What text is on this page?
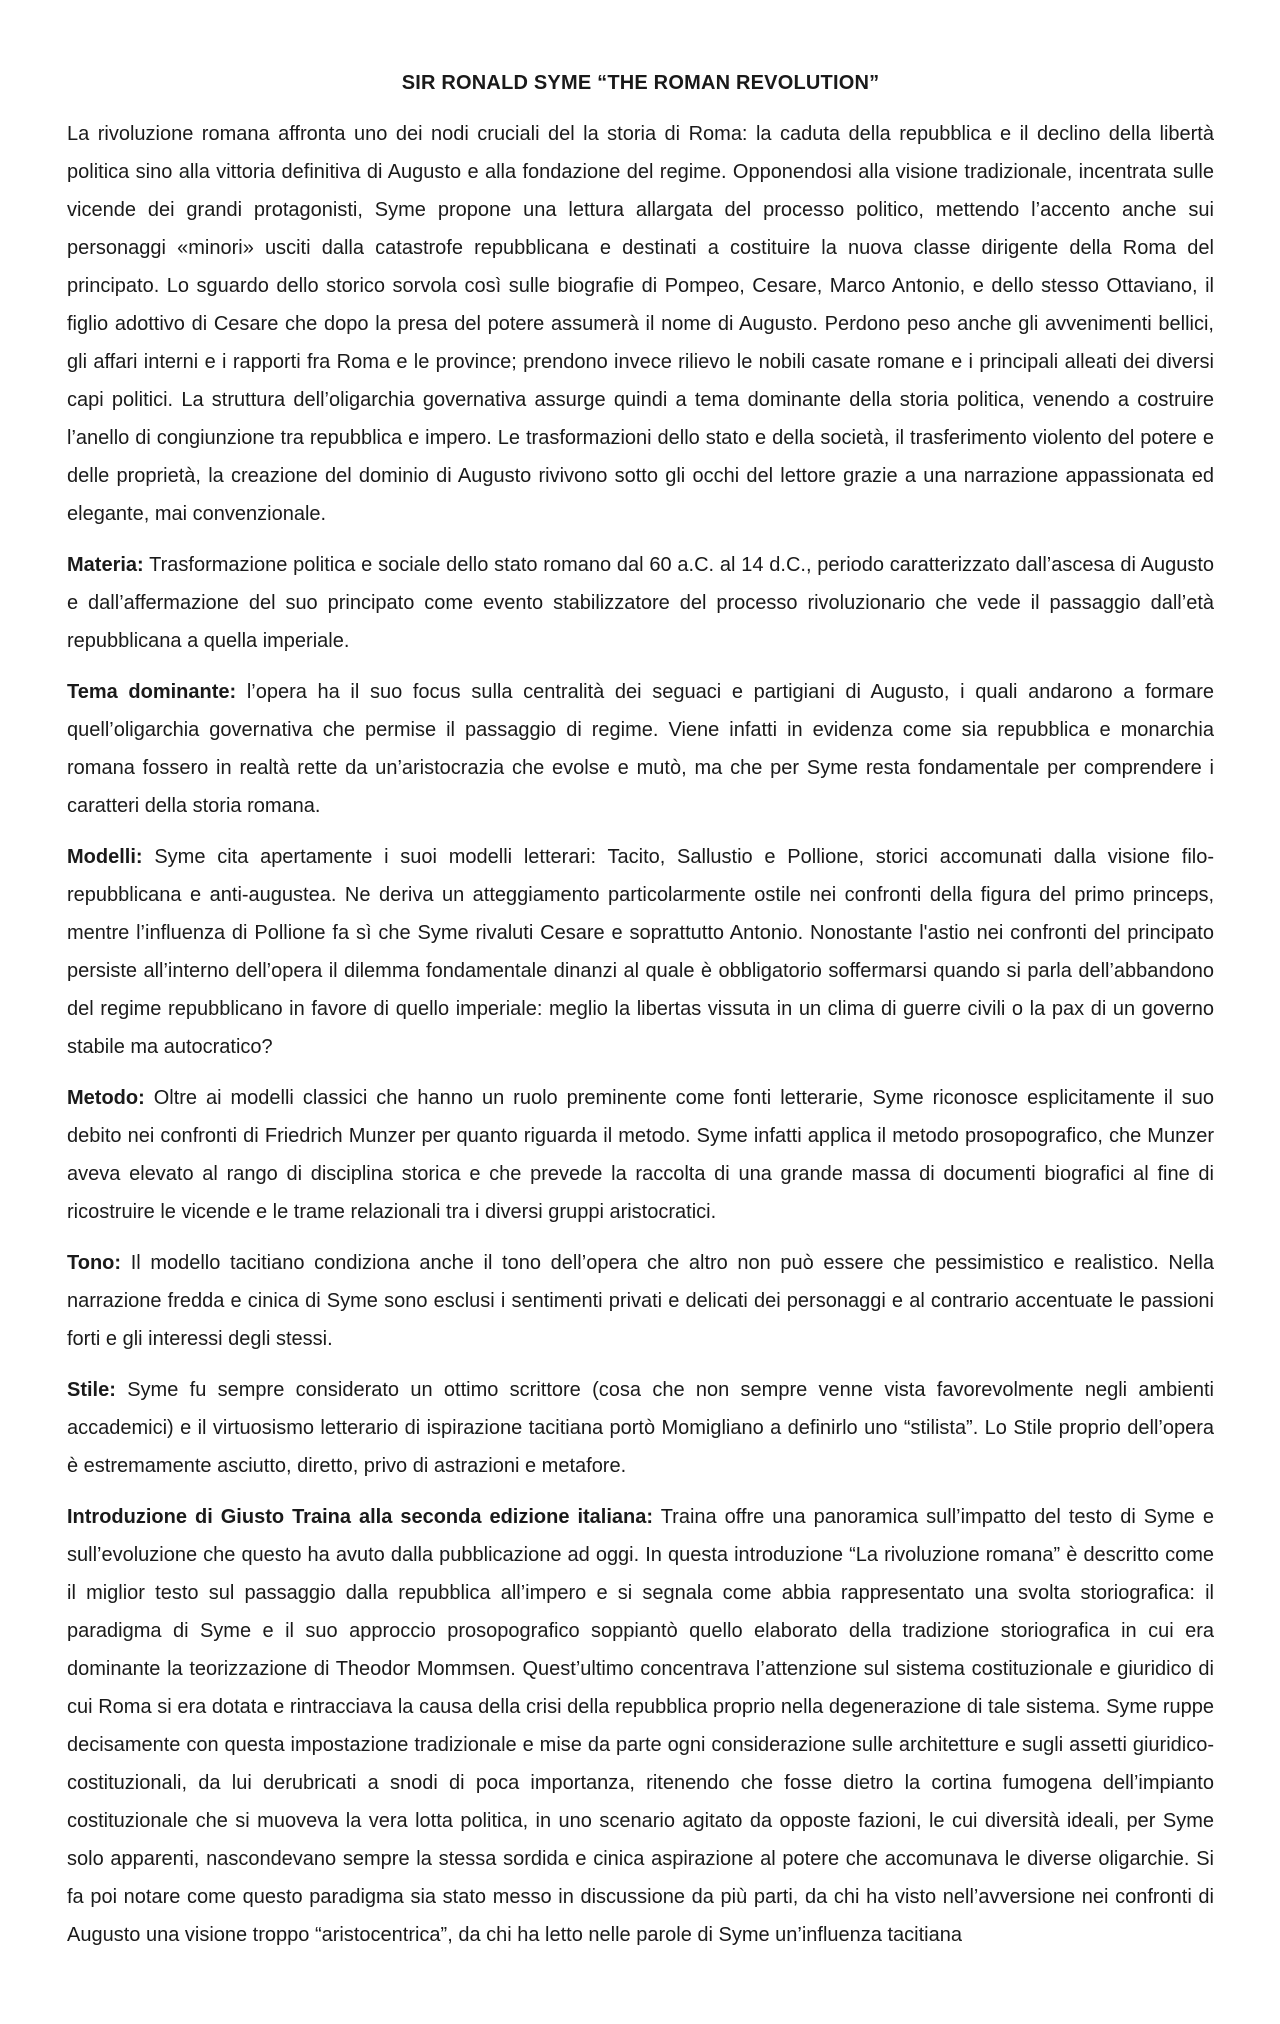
SIR RONALD SYME “THE ROMAN REVOLUTION”

La rivoluzione romana affronta uno dei nodi cruciali del la storia di Roma: la caduta della repubblica e il declino della libertà politica sino alla vittoria definitiva di Augusto e alla fondazione del regime. Opponendosi alla visione tradizionale, incentrata sulle vicende dei grandi protagonisti, Syme propone una lettura allargata del processo politico, mettendo l’accento anche sui personaggi «minori» usciti dalla catastrofe repubblicana e destinati a costituire la nuova classe dirigente della Roma del principato. Lo sguardo dello storico sorvola così sulle biografie di Pompeo, Cesare, Marco Antonio, e dello stesso Ottaviano, il figlio adottivo di Cesare che dopo la presa del potere assumerà il nome di Augusto. Perdono peso anche gli avvenimenti bellici, gli affari interni e i rapporti fra Roma e le province; prendono invece rilievo le nobili casate romane e i principali alleati dei diversi capi politici. La struttura dell’oligarchia governativa assurge quindi a tema dominante della storia politica, venendo a costruire l’anello di congiunzione tra repubblica e impero. Le trasformazioni dello stato e della società, il trasferimento violento del potere e delle proprietà, la creazione del dominio di Augusto rivivono sotto gli occhi del lettore grazie a una narrazione appassionata ed elegante, mai convenzionale.

Materia: Trasformazione politica e sociale dello stato romano dal 60 a.C. al 14 d.C., periodo caratterizzato dall’ascesa di Augusto e dall’affermazione del suo principato come evento stabilizzatore del processo rivoluzionario che vede il passaggio dall’età repubblicana a quella imperiale.

Tema dominante: l’opera ha il suo focus sulla centralità dei seguaci e partigiani di Augusto, i quali andarono a formare quell’oligarchia governativa che permise il passaggio di regime. Viene infatti in evidenza come sia repubblica e monarchia romana fossero in realtà rette da un’aristocrazia che evolse e mutò, ma che per Syme resta fondamentale per comprendere i caratteri della storia romana.

Modelli: Syme cita apertamente i suoi modelli letterari: Tacito, Sallustio e Pollione, storici accomunati dalla visione filo-repubblicana e anti-augustea. Ne deriva un atteggiamento particolarmente ostile nei confronti della figura del primo princeps, mentre l’influenza di Pollione fa sì che Syme rivaluti Cesare e soprattutto Antonio. Nonostante l'astio nei confronti del principato persiste all’interno dell’opera il dilemma fondamentale dinanzi al quale è obbligatorio soffermarsi quando si parla dell’abbandono del regime repubblicano in favore di quello imperiale: meglio la libertas vissuta in un clima di guerre civili o la pax di un governo stabile ma autocratico?

Metodo: Oltre ai modelli classici che hanno un ruolo preminente come fonti letterarie, Syme riconosce esplicitamente il suo debito nei confronti di Friedrich Munzer per quanto riguarda il metodo. Syme infatti applica il metodo prosopografico, che Munzer aveva elevato al rango di disciplina storica e che prevede la raccolta di una grande massa di documenti biografici al fine di ricostruire le vicende e le trame relazionali tra i diversi gruppi aristocratici.

Tono: Il modello tacitiano condiziona anche il tono dell’opera che altro non può essere che pessimistico e realistico. Nella narrazione fredda e cinica di Syme sono esclusi i sentimenti privati e delicati dei personaggi e al contrario accentuate le passioni forti e gli interessi degli stessi.

Stile: Syme fu sempre considerato un ottimo scrittore (cosa che non sempre venne vista favorevolmente negli ambienti accademici) e il virtuosismo letterario di ispirazione tacitiana portò Momigliano a definirlo uno “stilista”. Lo Stile proprio dell’opera è estremamente asciutto, diretto, privo di astrazioni e metafore.

Introduzione di Giusto Traina alla seconda edizione italiana: Traina offre una panoramica sull’impatto del testo di Syme e sull’evoluzione che questo ha avuto dalla pubblicazione ad oggi. In questa introduzione “La rivoluzione romana” è descritto come il miglior testo sul passaggio dalla repubblica all’impero e si segnala come abbia rappresentato una svolta storiografica: il paradigma di Syme e il suo approccio prosopografico soppiantò quello elaborato della tradizione storiografica in cui era dominante la teorizzazione di Theodor Mommsen. Quest’ultimo concentrava l’attenzione sul sistema costituzionale e giuridico di cui Roma si era dotata e rintracciava la causa della crisi della repubblica proprio nella degenerazione di tale sistema. Syme ruppe decisamente con questa impostazione tradizionale e mise da parte ogni considerazione sulle architetture e sugli assetti giuridico-costituzionali, da lui derubricati a snodi di poca importanza, ritenendo che fosse dietro la cortina fumogena dell’impianto costituzionale che si muoveva la vera lotta politica, in uno scenario agitato da opposte fazioni, le cui diversità ideali, per Syme solo apparenti, nascondevano sempre la stessa sordida e cinica aspirazione al potere che accomunava le diverse oligarchie. Si fa poi notare come questo paradigma sia stato messo in discussione da più parti, da chi ha visto nell’avversione nei confronti di Augusto una visione troppo “aristocentrica”, da chi ha letto nelle parole di Syme un’influenza tacitiana
